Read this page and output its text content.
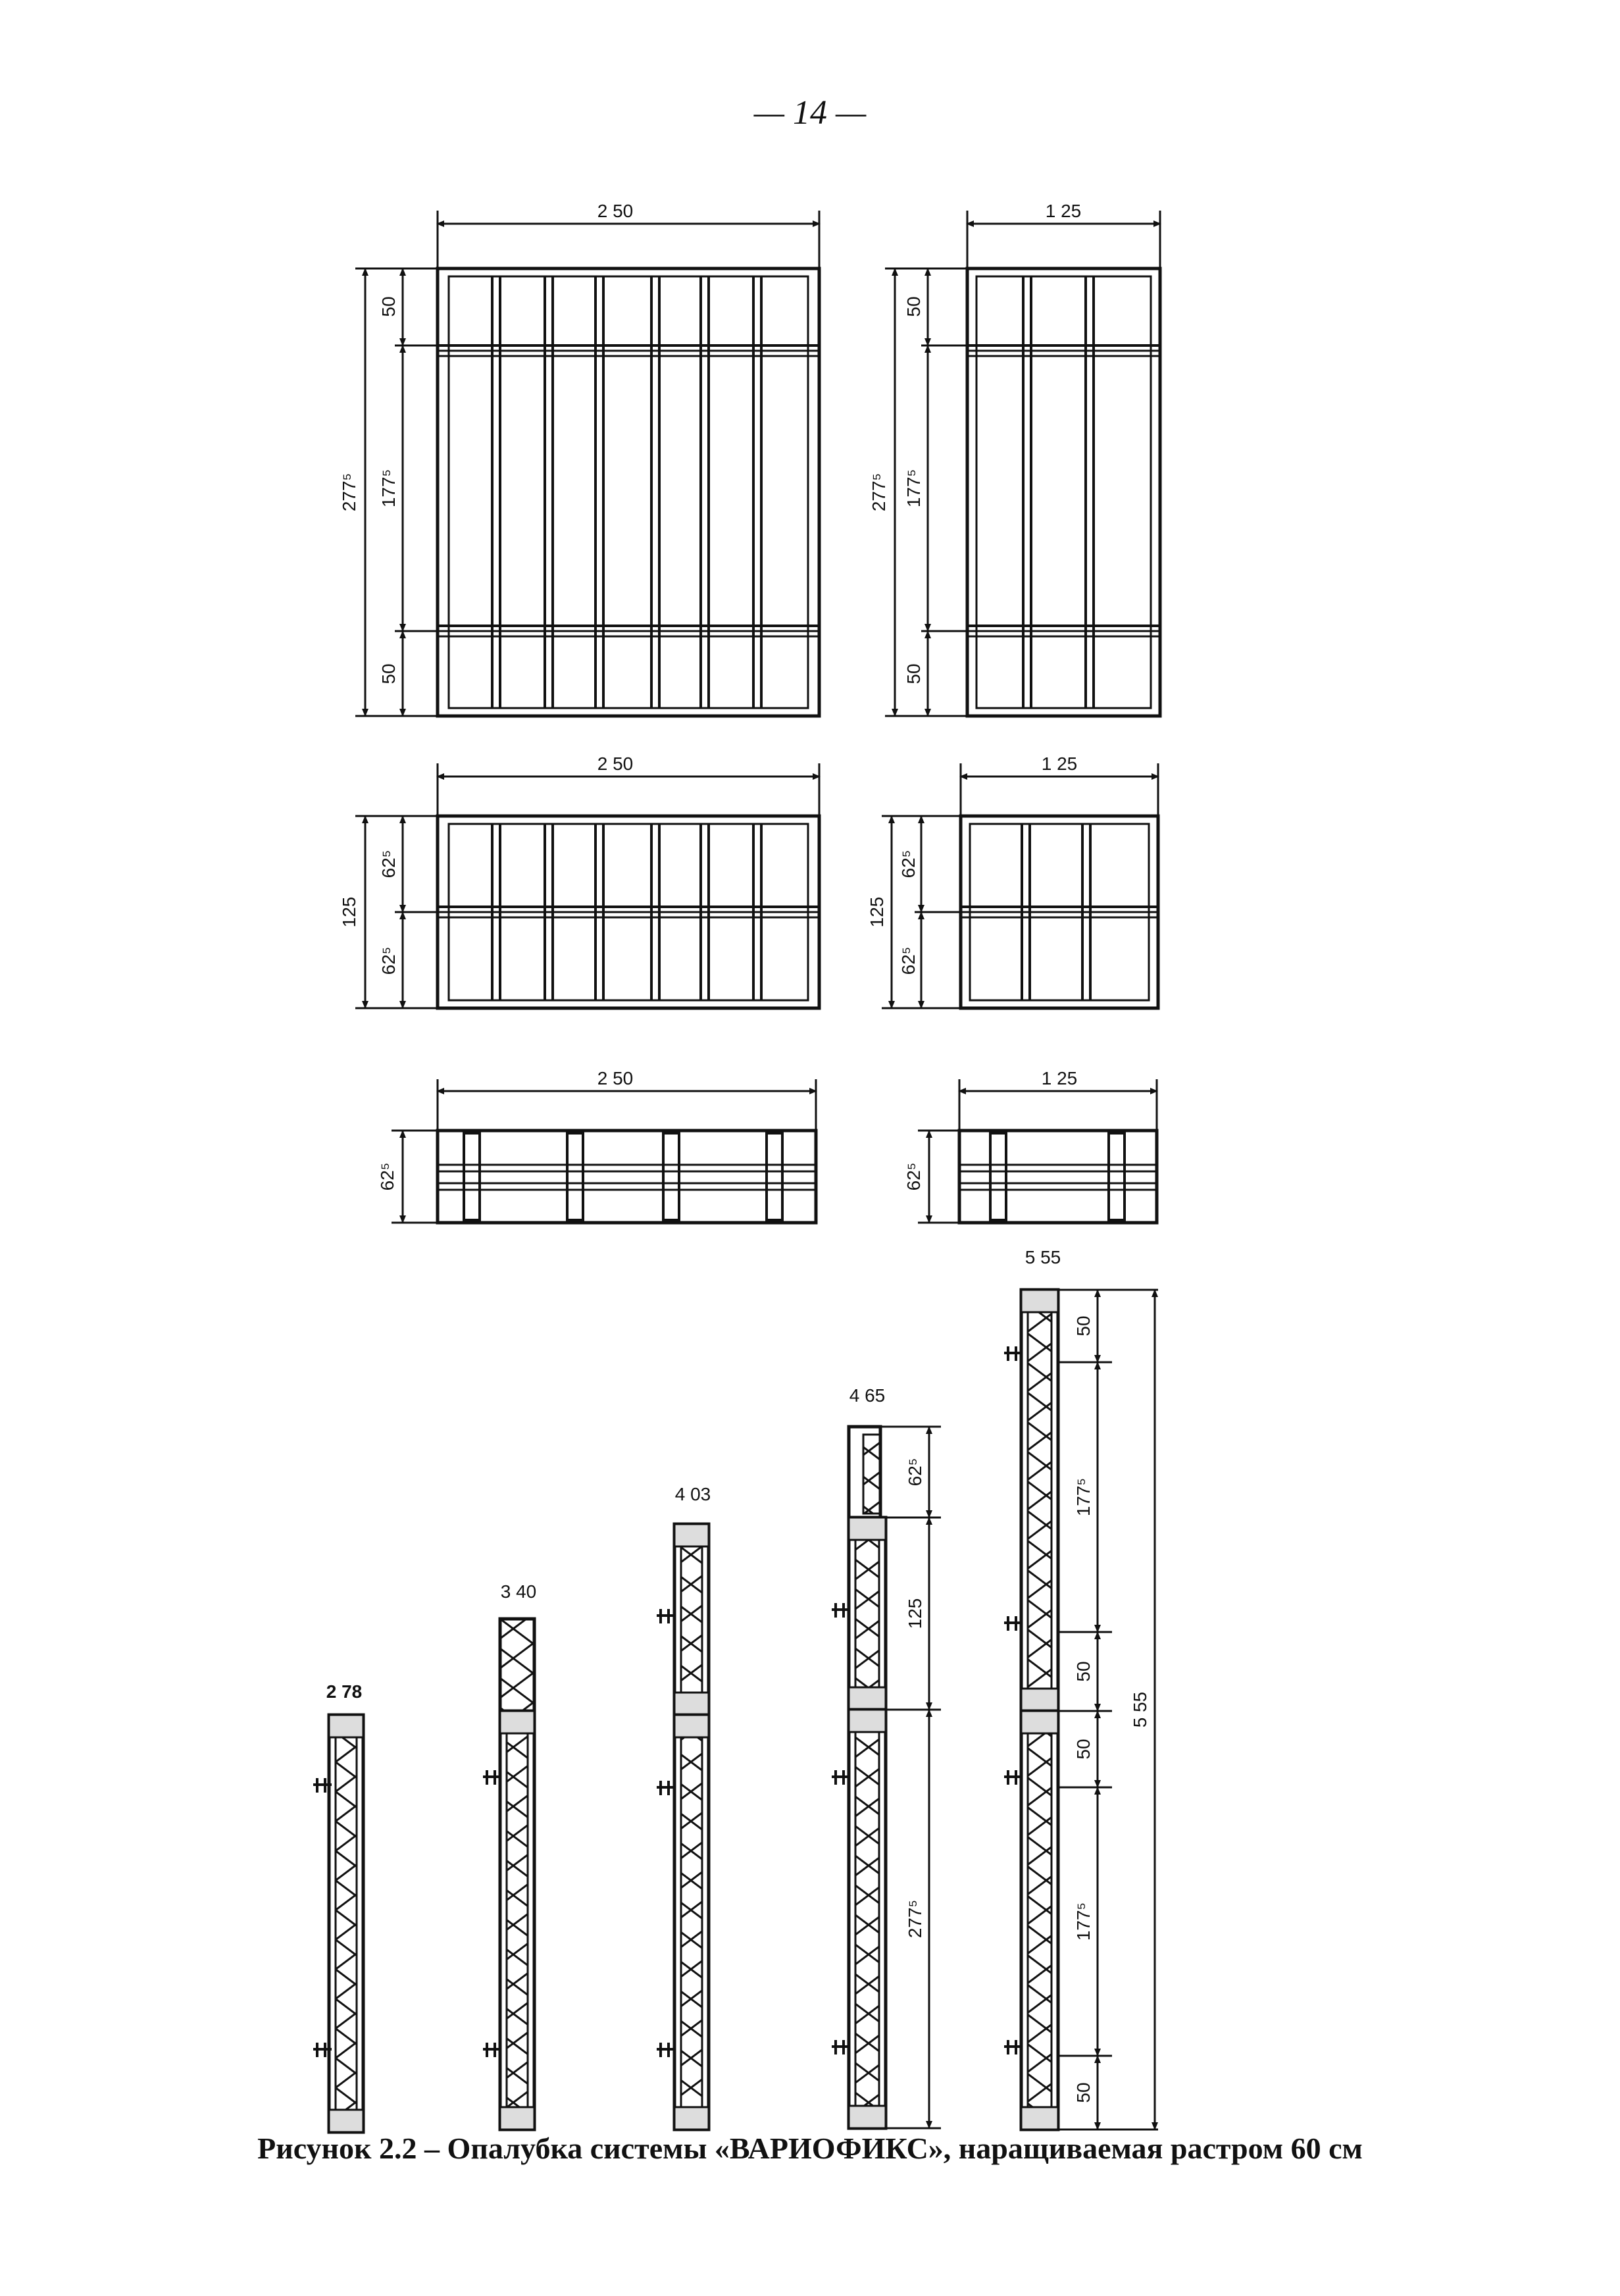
— 14 —
2 50
277⁵
50
177⁵
50
1 25
277⁵
50
177⁵
50
2 50
125
62⁵
62⁵
1 25
125
62⁵
62⁵
2 50
62⁵
1 25
62⁵
2 78
3 40
4 03
4 65
62⁵
125
277⁵
5 55
50
177⁵
50
50
177⁵
50
5 55
Рисунок 2.2 – Опалубка системы «ВАРИОФИКС», наращиваемая растром 60 см
